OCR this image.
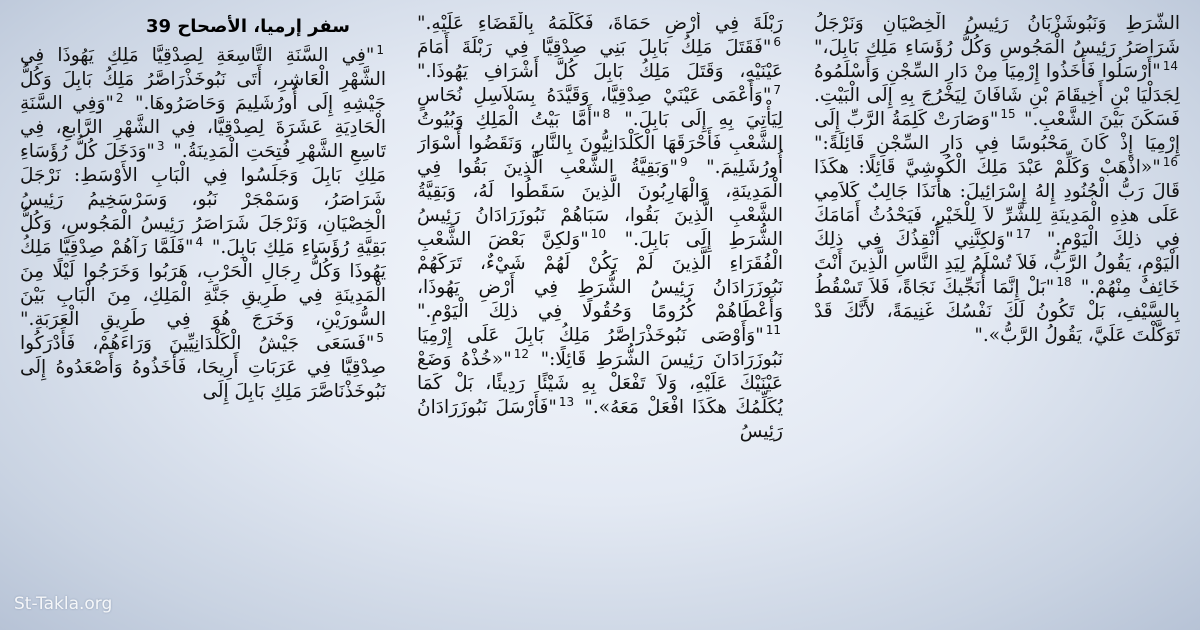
سفر إرميا، الأصحاح 39

$^1$"فِي السَّنَةِ التَّاسِعَةِ لِصِدْقِيَّا مَلِكِ يَهُوذَا فِي الشَّهْرِ الْعَاشِرِ، أَتَى نَبُوخَذْرَاصَّرُ مَلِكُ بَابِلَ وَكُلُّ جَيْشِهِ إِلَى أُورُشَلِيمَ وَحَاصَرُوهَا." $^2$"وَفِي السَّنَةِ الْحَادِيَةِ عَشَرَةَ لِصِدْقِيَّا، فِي الشَّهْرِ الرَّابعِ، فِي تَاسِعِ الشَّهْرِ فُتِحَتِ الْمَدِينَةُ." $^3$"وَدَخَلَ كُلُّ رُؤَسَاءِ مَلِكِ بَابِلَ وَجَلَسُوا فِي الْبَابِ الأَوْسَطِ: نَرْجَلَ شَرَاصَرُ، وَسَمْجَرْ نَبُو، وَسَرْسَخِيمُ رَئِيسُ الْخِصْيَانِ، وَنَرْجَلَ شَرَاصَرُ رَئِيسُ الْمَجُوسِ، وَكُلُّ بَقِيَّةِ رُؤَسَاءِ مَلِكِ بَابِلَ." $^4$"فَلَمَّا رَآهُمْ صِدْقِيَّا مَلِكُ يَهُوذَا وَكُلُّ رِجَالِ الْحَرْبِ، هَرَبُوا وَخَرَجُوا لَيْلًا مِنَ الْمَدِينَةِ فِي طَرِيقِ جَنَّةِ الْمَلِكِ، مِنَ الْبَابِ بَيْنَ السُّورَيْنِ، وَخَرَجَ هُوَ فِي طَرِيقِ الْعَرَبَةِ." $^5$"فَسَعَى جَيْشُ الْكَلْدَانِيِّينَ وَرَاءَهُمْ، فَأَدْرَكُوا صِدْقِيَّا فِي عَرَبَاتِ أَرِيحَا، فَأَخَذُوهُ وَأَصْعَدُوهُ إِلَى نَبُوخَذْنَاصَّرَ مَلِكِ بَابِلَ إِلَى

رَبْلَةَ فِي أَرْضِ حَمَاةَ، فَكَلَّمَهُ بِالْقَضَاءِ عَلَيْهِ." $^6$"فَقَتَلَ مَلِكُ بَابِلَ بَنِي صِدْقِيَّا فِي رَبْلَةَ أَمَامَ عَيْنَيْهِ، وَقَتَلَ مَلِكُ بَابِلَ كُلَّ أَشْرَافِ يَهُوذَا." $^7$"وَأَعْمَى عَيْنَيْ صِدْقِيَّا، وَقَيَّدَهُ بِسَلاَسِلِ نُحَاسٍ لِيَأْتِيَ بِهِ إِلَى بَابِلَ." $^8$"أَمَّا بَيْتُ الْمَلِكِ وَبُيُوتُ الشَّعْبِ فَأَحْرَقَهَا الْكَلْدَانِيُّونَ بِالنَّارِ، وَنَقَضُوا أَسْوَارَ أُورُشَلِيمَ." $^9$"وَبَقِيَّةُ الشَّعْبِ الَّذِينَ بَقُوا فِي الْمَدِينَةِ، وَالْهَارِبُونَ الَّذِينَ سَقَطُوا لَهُ، وَبَقِيَّةُ الشَّعْبِ الَّذِينَ بَقُوا، سَبَاهُمْ نَبُوزَرَادَانُ رَئِيسُ الشُّرَطِ إِلَى بَابِلَ." $^{10}$"وَلكِنَّ بَعْضَ الشَّعْبِ الْفُقَرَاءِ الَّذِينَ لَمْ يَكُنْ لَهُمْ شَيْءٌ، تَرَكَهُمْ نَبُوزَرَادَانُ رَئِيسُ الشُّرَطِ فِي أَرْضِ يَهُوذَا، وَأَعْطَاهُمْ كُرُومًا وَحُقُولًا فِي ذلِكَ الْيَوْمِ." $^{11}$"وَأَوْصَى نَبُوخَذْرَاصَّرُ مَلِكُ بَابِلَ عَلَى إِرْمِيَا نَبُوزَرَادَانَ رَئِيسَ الشُّرَطِ قَائِلًا:" $^{12}$"«خُذْهُ وَضَعْ عَيْنَيْكَ عَلَيْهِ، وَلاَ تَفْعَلْ بِهِ شَيْئًا رَدِيئًا، بَلْ كَمَا يُكَلِّمُكَ هكَذَا افْعَلْ مَعَهُ»." $^{13}$"فَأَرْسَلَ نَبُوزَرَادَانُ رَئِيسُ

الشُّرَطِ وَنَبُوشَزْبَانُ رَئِيسُ الْخِصْيَانِ وَنَرْجَلُ شَرَاصَرُ رَئِيسُ الْمَجُوسِ وَكُلُّ رُؤَسَاءِ مَلِكِ بَابِلَ،" $^{14}$"أَرْسَلُوا فَأَخَذُوا إِرْمِيَا مِنْ دَارِ السِّجْنِ وَأَسْلَمُوهُ لِجَدَلْيَا بْنِ أَخِيقَامَ بْنِ شَافَانَ لِيَخْرُجَ بِهِ إِلَى الْبَيْتِ. فَسَكَنَ بَيْنَ الشَّعْبِ." $^{15}$"وَصَارَتْ كَلِمَةُ الرَّبِّ إِلَى إِرْمِيَا إِذْ كَانَ مَحْبُوسًا فِي دَارِ السِّجْنِ قَائِلَةً:" $^{16}$"«اذْهَبْ وَكَلِّمْ عَبْدَ مَلِكَ الْكُوشِيَّ قَائِلًا: هكَذَا قَالَ رَبُّ الْجُنُودِ إِلهُ إِسْرَائِيلَ: هأَنَذَا جَالِبٌ كَلاَمِي عَلَى هذِهِ الْمَدِينَةِ لِلشَّرِّ لاَ لِلْخَيْرِ، فَيَحْدُثُ أَمَامَكَ فِي ذلِكَ الْيَوْمِ." $^{17}$"وَلكِنَّنِي أُنْقِذُكَ فِي ذلِكَ الْيَوْمِ، يَقُولُ الرَّبُّ، فَلاَ تُسْلَمُ لِيَدِ النَّاسِ الَّذِينَ أَنْتَ خَائِفٌ مِنْهُمْ." $^{18}$"بَلْ إِنَّمَا أُنَجِّيكَ نَجَاةً، فَلاَ تَسْقُطُ بِالسَّيْفِ، بَلْ تَكُونُ لَكَ نَفْسُكَ غَنِيمَةً، لأَنَّكَ قَدْ تَوَكَّلْتَ عَلَيَّ، يَقُولُ الرَّبُّ»."

St-Takla.org
